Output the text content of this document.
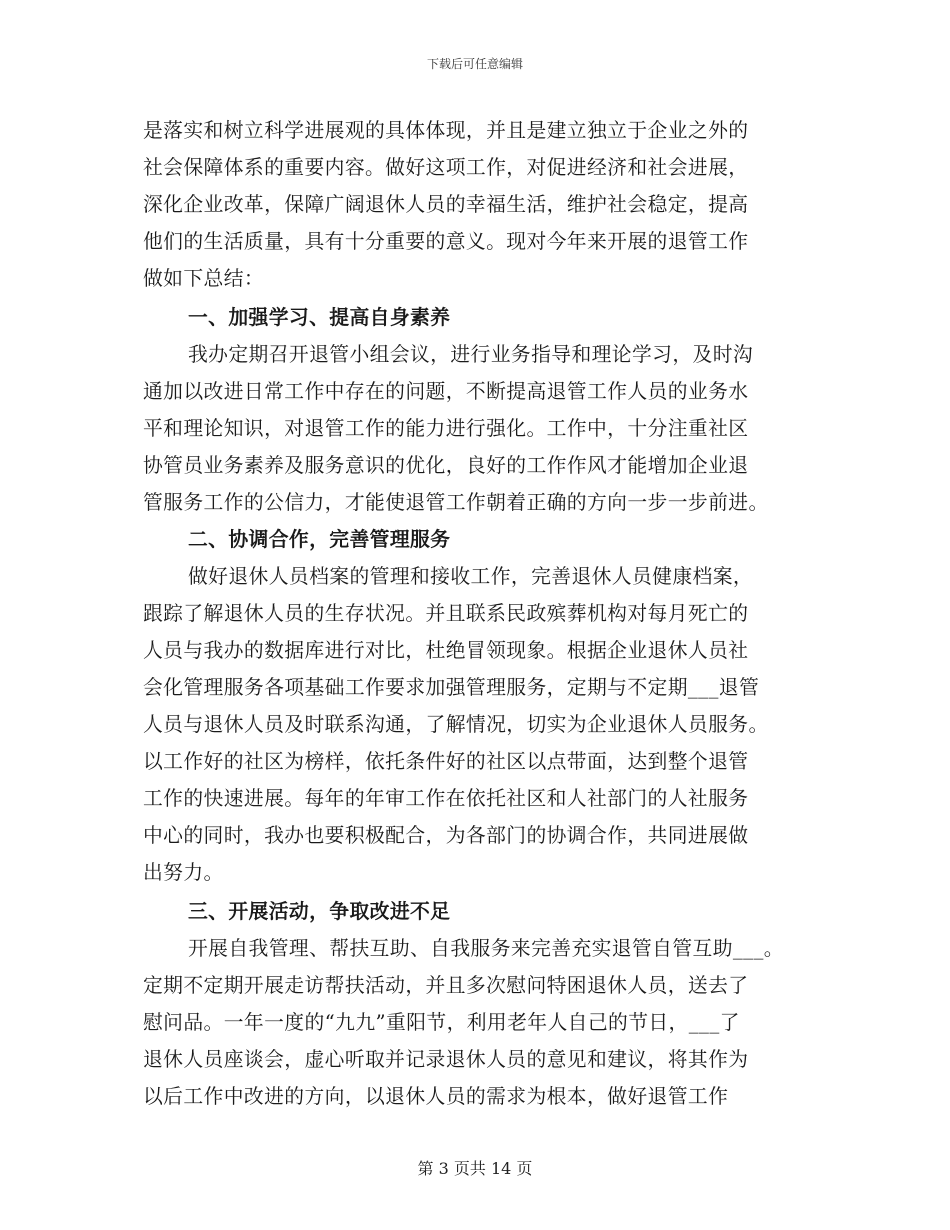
下载后可任意编辑
是落实和树立科学进展观的具体体现，并且是建立独立于企业之外的
社会保障体系的重要内容。做好这项工作，对促进经济和社会进展，
深化企业改革，保障广阔退休人员的幸福生活，维护社会稳定，提高
他们的生活质量，具有十分重要的意义。现对今年来开展的退管工作
做如下总结：
一、加强学习、提高自身素养
我办定期召开退管小组会议，进行业务指导和理论学习，及时沟
通加以改进日常工作中存在的问题，不断提高退管工作人员的业务水
平和理论知识，对退管工作的能力进行强化。工作中，十分注重社区
协管员业务素养及服务意识的优化，良好的工作作风才能增加企业退
管服务工作的公信力，才能使退管工作朝着正确的方向一步一步前进。
二、协调合作，完善管理服务
做好退休人员档案的管理和接收工作，完善退休人员健康档案，
跟踪了解退休人员的生存状况。并且联系民政殡葬机构对每月死亡的
人员与我办的数据库进行对比，杜绝冒领现象。根据企业退休人员社
会化管理服务各项基础工作要求加强管理服务，定期与不定期___退管
人员与退休人员及时联系沟通，了解情况，切实为企业退休人员服务。
以工作好的社区为榜样，依托条件好的社区以点带面，达到整个退管
工作的快速进展。每年的年审工作在依托社区和人社部门的人社服务
中心的同时，我办也要积极配合，为各部门的协调合作，共同进展做
出努力。
三、开展活动，争取改进不足
开展自我管理、帮扶互助、自我服务来完善充实退管自管互助___。
定期不定期开展走访帮扶活动，并且多次慰问特困退休人员，送去了
慰问品。一年一度的“九九”重阳节，利用老年人自己的节日，___了
退休人员座谈会，虚心听取并记录退休人员的意见和建议，将其作为
以后工作中改进的方向，以退休人员的需求为根本，做好退管工作
第 3 页共 14 页
